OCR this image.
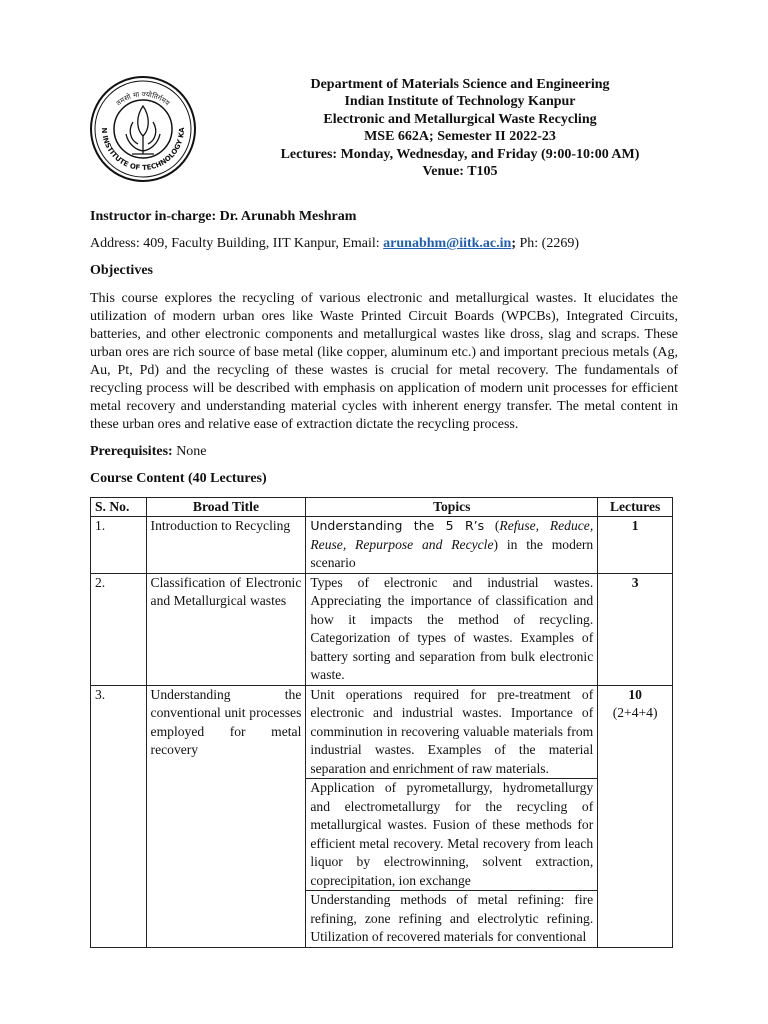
N INSTITUTE OF TECHNOLOGY KA
तमसो मा ज्योतिर्गमय
Department of Materials Science and Engineering
Indian Institute of Technology Kanpur
Electronic and Metallurgical Waste Recycling
MSE 662A; Semester II 2022-23
Lectures: Monday, Wednesday, and Friday (9:00-10:00 AM)
Venue: T105

Instructor in-charge: Dr. Arunabh Meshram

Address: 409, Faculty Building, IIT Kanpur, Email: arunabhm@iitk.ac.in; Ph: (2269)

Objectives

This course explores the recycling of various electronic and metallurgical wastes. It elucidates the utilization of modern urban ores like Waste Printed Circuit Boards (WPCBs), Integrated Circuits, batteries, and other electronic components and metallurgical wastes like dross, slag and scraps. These urban ores are rich source of base metal (like copper, aluminum etc.) and important precious metals (Ag, Au, Pt, Pd) and the recycling of these wastes is crucial for metal recovery. The fundamentals of recycling process will be described with emphasis on application of modern unit processes for efficient metal recovery and understanding material cycles with inherent energy transfer. The metal content in these urban ores and relative ease of extraction dictate the recycling process.

Prerequisites: None

Course Content (40 Lectures)

S. No.	Broad Title	Topics	Lectures
1.	Introduction to Recycling	Understanding the 5 R’s (Refuse, Reduce, Reuse, Repurpose and Recycle) in the modern scenario	1

2.	Classification of Electronic and Metallurgical wastes	Types of electronic and industrial wastes. Appreciating the importance of classification and how it impacts the method of recycling. Categorization of types of wastes. Examples of battery sorting and separation from bulk electronic waste.	3

3.	Understanding the conventional unit processes employed for metal recovery	Unit operations required for pre-treatment of electronic and industrial wastes. Importance of comminution in recovering valuable materials from industrial wastes. Examples of the material separation and enrichment of raw materials.	10
(2+4+4)
		Application of pyrometallurgy, hydrometallurgy and electrometallurgy for the recycling of metallurgical wastes. Fusion of these methods for efficient metal recovery. Metal recovery from leach liquor by electrowinning, solvent extraction, coprecipitation, ion exchange	
		Understanding methods of metal refining: fire refining, zone refining and electrolytic refining. Utilization of recovered materials for conventional	
